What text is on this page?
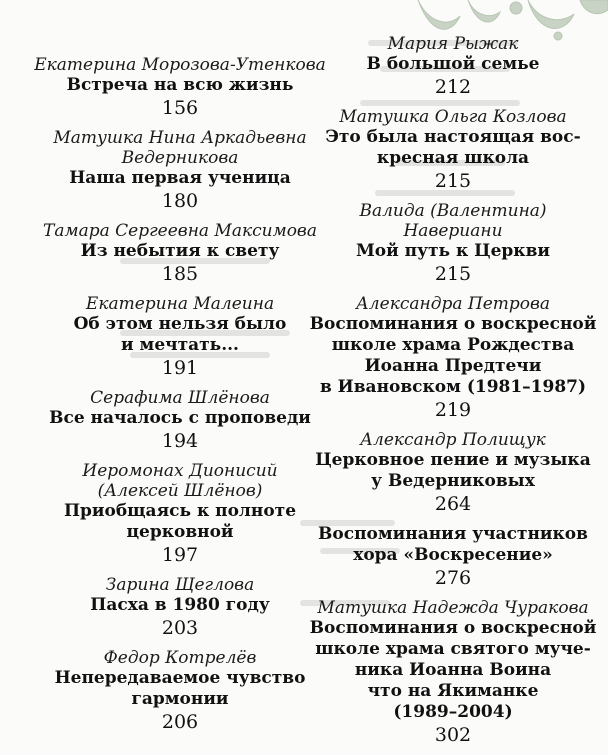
Екатерина Морозова-Утенкова
Встреча на всю жизнь
156
Матушка Нина Аркадьевна
Ведерникова
Наша первая ученица
180
Тамара Сергеевна Максимова
Из небытия к свету
185
Екатерина Малеина
Об этом нельзя было
и мечтать...
191
Серафима Шлёнова
Все началось с проповеди
194
Иеромонах Дионисий
(Алексей Шлёнов)
Приобщаясь к полноте
церковной
197
Зарина Щеглова
Пасха в 1980 году
203
Федор Котрелёв
Непередаваемое чувство
гармонии
206
Мария Рыжак
В большой семье
212
Матушка Ольга Козлова
Это была настоящая вос-
кресная школа
215
Валида (Валентина)
Навериани
Мой путь к Церкви
215
Александра Петрова
Воспоминания о воскресной
школе храма Рождества
Иоанна Предтечи
в Ивановском (1981–1987)
219
Александр Полищук
Церковное пение и музыка
у Ведерниковых
264
Воспоминания участников
хора «Воскресение»
276
Матушка Надежда Чуракова
Воспоминания о воскресной
школе храма святого муче-
ника Иоанна Воина
что на Якиманке
(1989–2004)
302
